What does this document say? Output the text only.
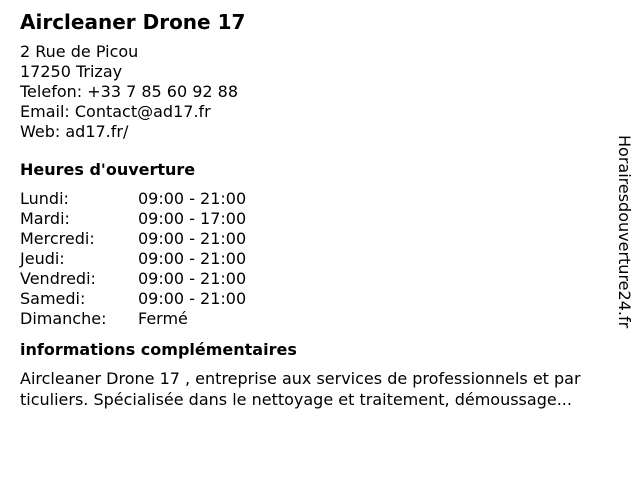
Aircleaner Drone 17
2 Rue de Picou
17250 Trizay
Telefon: +33 7 85 60 92 88
Email: Contact@ad17.fr
Web: ad17.fr/
Heures d'ouverture
Lundi:	09:00 - 21:00
Mardi:	09:00 - 17:00
Mercredi:	09:00 - 21:00
Jeudi:	09:00 - 21:00
Vendredi:	09:00 - 21:00
Samedi:	09:00 - 21:00
Dimanche:	Fermé
informations complémentaires
Aircleaner Drone 17 , entreprise aux services de professionnels et par
ticuliers. Spécialisée dans le nettoyage et traitement, démoussage...
Horairesdouverture24.fr
